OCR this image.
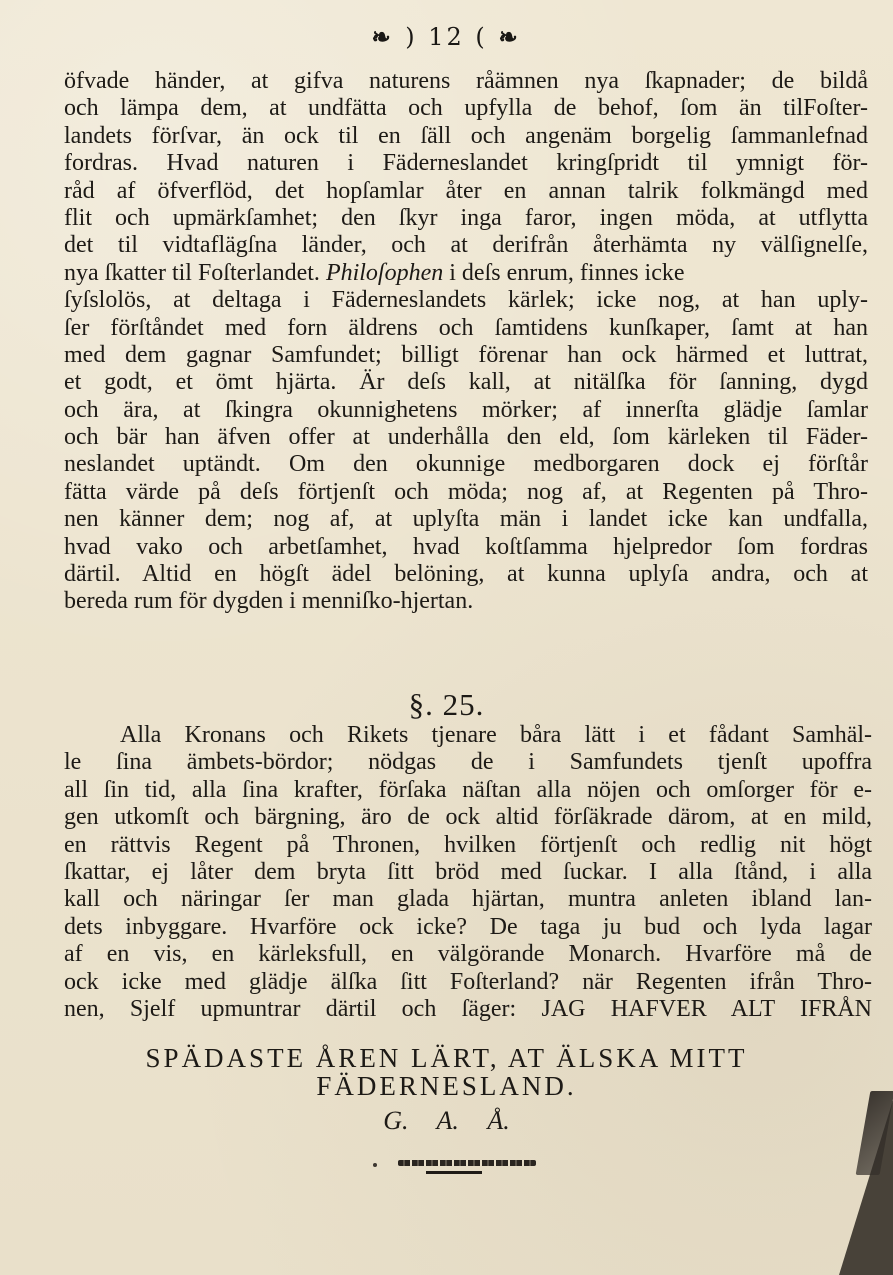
❧ ) 12 ( ❧
öfvade händer, at gifva naturens råämnen nya ſkapnader; de bildå
och lämpa dem, at undfätta och upfylla de behof, ſom än tilFoſter-
landets förſvar, än ock til en ſäll och angenäm borgelig ſammanlefnad
fordras. Hvad naturen i Fäderneslandet kringſpridt til ymnigt för-
råd af öfverflöd, det hopſamlar åter en annan talrik folkmängd med
flit och upmärkſamhet; den ſkyr inga faror, ingen möda, at utflytta
det til vidtaflägſna länder, och at derifrån återhämta ny välſignelſe,
nya ſkatter til Foſterlandet. Philoſophen i deſs enrum, finnes icke
ſyſslolös, at deltaga i Fäderneslandets kärlek; icke nog, at han uply-
ſer förſtåndet med forn äldrens och ſamtidens kunſkaper, ſamt at han
med dem gagnar Samfundet; billigt förenar han ock härmed et luttrat,
et godt, et ömt hjärta. Är deſs kall, at nitälſka för ſanning, dygd
och ära, at ſkingra okunnighetens mörker; af innerſta glädje ſamlar
och bär han äfven offer at underhålla den eld, ſom kärleken til Fäder-
neslandet uptändt. Om den okunnige medborgaren dock ej förſtår
fätta värde på deſs förtjenſt och möda; nog af, at Regenten på Thro-
nen känner dem; nog af, at uplyſta män i landet icke kan undfalla,
hvad vako och arbetſamhet, hvad koſtſamma hjelpredor ſom fordras
därtil. Altid en högſt ädel belöning, at kunna uplyſa andra, och at
bereda rum för dygden i menniſko-hjertan.
§. 25.
Alla Kronans och Rikets tjenare båra lätt i et fådant Samhäl-
le ſina ämbets-bördor; nödgas de i Samfundets tjenſt upoffra
all ſin tid, alla ſina krafter, förſaka näſtan alla nöjen och omſorger för e-
gen utkomſt och bärgning, äro de ock altid förſäkrade därom, at en mild,
en rättvis Regent på Thronen, hvilken förtjenſt och redlig nit högt
ſkattar, ej låter dem bryta ſitt bröd med ſuckar. I alla ſtånd, i alla
kall och näringar ſer man glada hjärtan, muntra anleten ibland lan-
dets inbyggare. Hvarföre ock icke? De taga ju bud och lyda lagar
af en vis, en kärleksfull, en välgörande Monarch. Hvarföre må de
ock icke med glädje älſka ſitt Foſterland? när Regenten ifrån Thro-
nen, Sjelf upmuntrar därtil och ſäger: JAG HAFVER ALT IFRÅN
SPÄDASTE ÅREN LÄRT, AT ÄLSKA MITT
FÄDERNESLAND.
G. A. Å.
